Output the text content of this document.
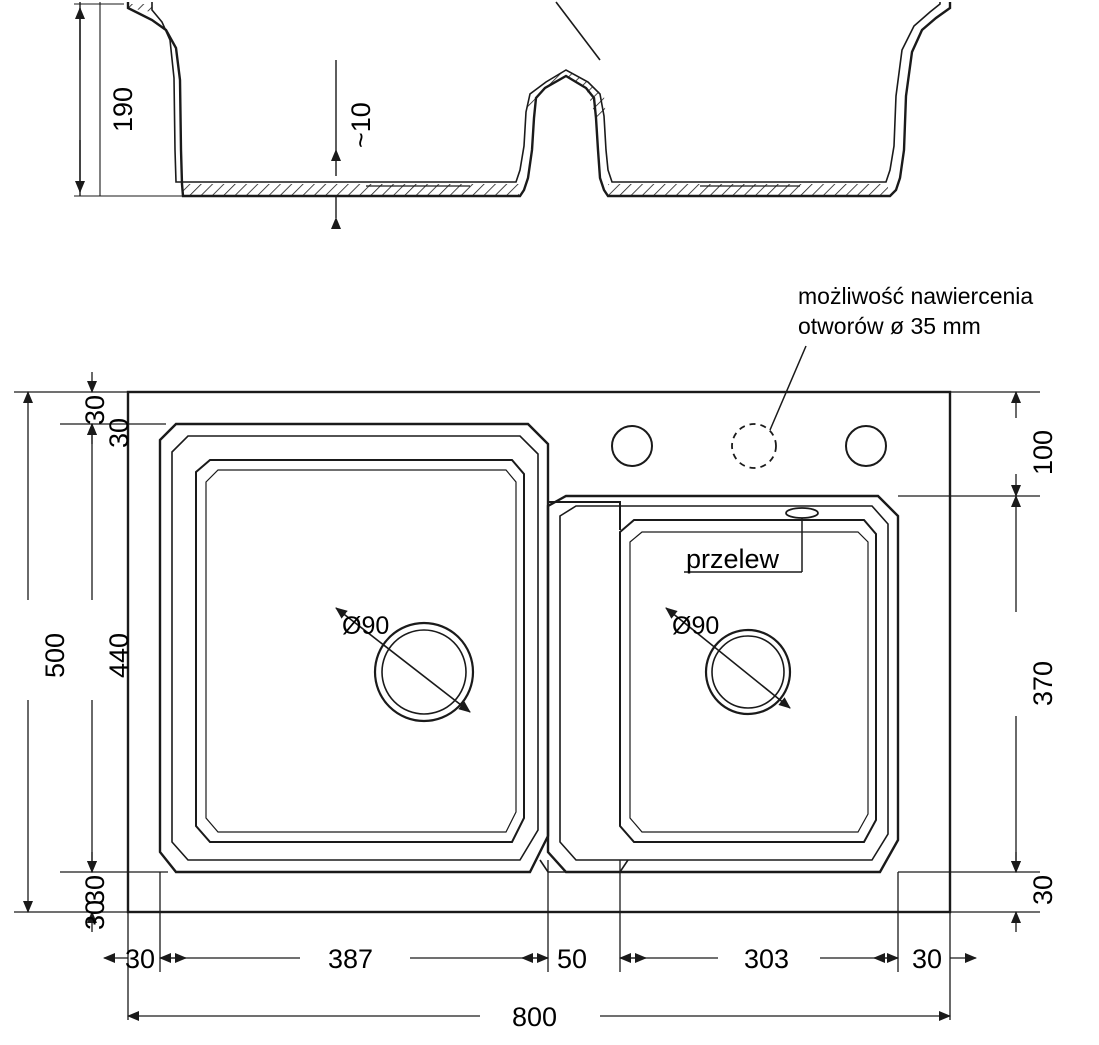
190	~10
możliwość nawiercenia
otworów ø 35 mm
500 440
30
30
30
30
100
370
30
30	387	50	303	30
800
Ø90	Ø90
przelew
